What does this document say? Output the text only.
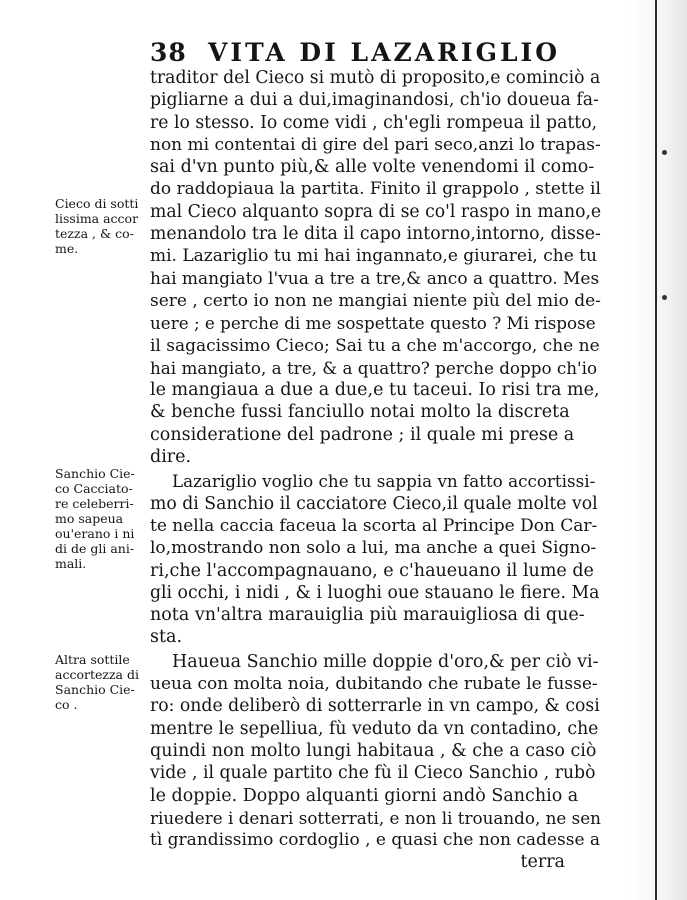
38 VITA DI LAZARIGLIO
Cieco di sotti
lissima accor
tezza , & co-
me.
Sanchio Cie-
co Cacciato-
re celeberri-
mo sapeua
ou'erano i ni
di de gli ani-
mali.
Altra sottile
accortezza di
Sanchio Cie-
co .
traditor del Cieco si mutò di proposito,e cominciò a
pigliarne a dui a dui,imaginandosi, ch'io doueua fa-
re lo stesso. Io come vidi , ch'egli rompeua il patto,
non mi contentai di gire del pari seco,anzi lo trapas-
sai d'vn punto più,& alle volte venendomi il como-
do raddopiaua la partita. Finito il grappolo , stette il
mal Cieco alquanto sopra di se co'l raspo in mano,e
menandolo tra le dita il capo intorno,intorno, disse-
mi. Lazariglio tu mi hai ingannato,e giurarei, che tu
hai mangiato l'vua a tre a tre,& anco a quattro. Mes
sere , certo io non ne mangiai niente più del mio de-
uere ; e perche di me sospettate questo ? Mi rispose
il sagacissimo Cieco; Sai tu a che m'accorgo, che ne
hai mangiato, a tre, & a quattro? perche doppo ch'io
le mangiaua a due a due,e tu taceui. Io risi tra me,
& benche fussi fanciullo notai molto la discreta
consideratione del padrone ; il quale mi prese a
dire.
Lazariglio voglio che tu sappia vn fatto accortissi-
mo di Sanchio il cacciatore Cieco,il quale molte vol
te nella caccia faceua la scorta al Principe Don Car-
lo,mostrando non solo a lui, ma anche a quei Signo-
ri,che l'accompagnauano, e c'haueuano il lume de
gli occhi, i nidi , & i luoghi oue stauano le fiere. Ma
nota vn'altra marauiglia più marauigliosa di que-
sta.
Haueua Sanchio mille doppie d'oro,& per ciò vi-
ueua con molta noia, dubitando che rubate le fusse-
ro: onde deliberò di sotterrarle in vn campo, & cosi
mentre le sepelliua, fù veduto da vn contadino, che
quindi non molto lungi habitaua , & che a caso ciò
vide , il quale partito che fù il Cieco Sanchio , rubò
le doppie. Doppo alquanti giorni andò Sanchio a
riuedere i denari sotterrati, e non li trouando, ne sen
tì grandissimo cordoglio , e quasi che non cadesse a
terra
